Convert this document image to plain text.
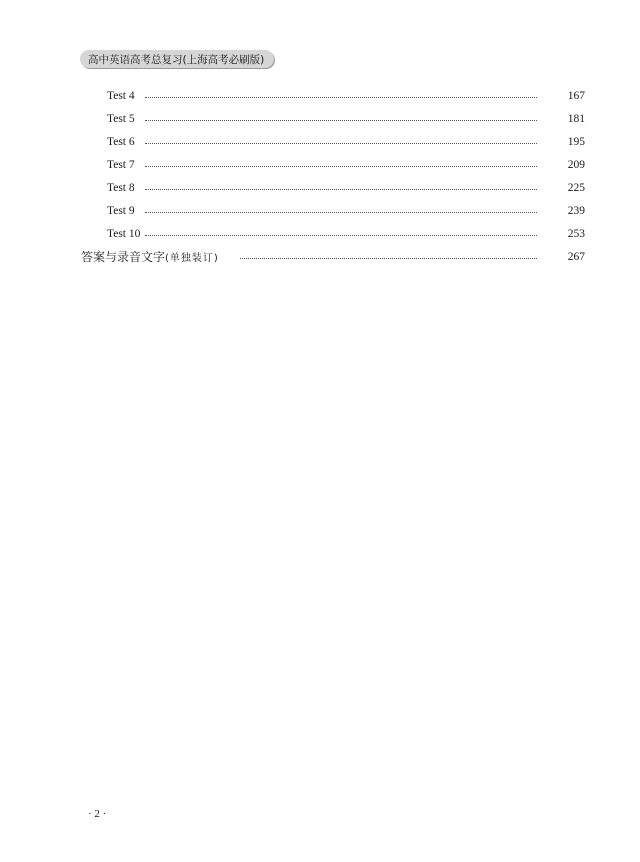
高中英语高考总复习(上海高考必刷版)
Test 4	167
Test 5	181
Test 6	195
Test 7	209
Test 8	225
Test 9	239
Test 10	253
答案与录音文字(单独装订)	267
· 2 ·
